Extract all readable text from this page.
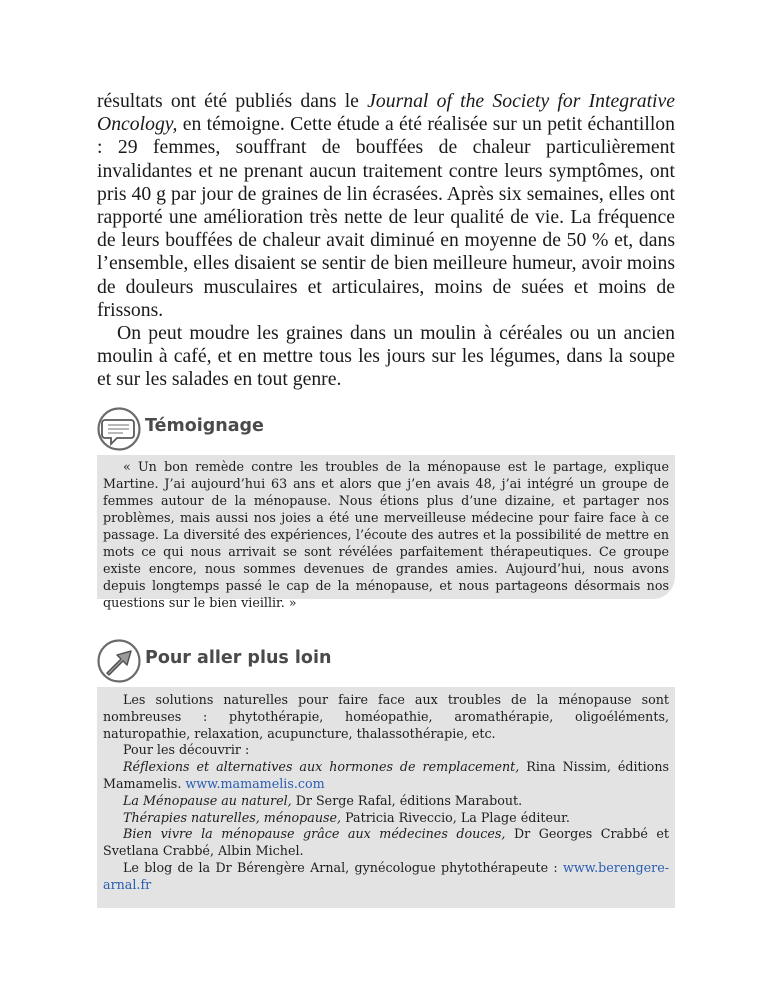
résultats ont été publiés dans le Journal of the Society for Integrative Oncology, en témoigne. Cette étude a été réalisée sur un petit échantillon : 29 femmes, souffrant de bouffées de chaleur particulièrement invalidantes et ne prenant aucun traitement contre leurs symptômes, ont pris 40 g par jour de graines de lin écrasées. Après six semaines, elles ont rapporté une amélioration très nette de leur qualité de vie. La fréquence de leurs bouffées de chaleur avait diminué en moyenne de 50 % et, dans l’ensemble, elles disaient se sentir de bien meilleure humeur, avoir moins de douleurs musculaires et articulaires, moins de suées et moins de frissons.

On peut moudre les graines dans un moulin à céréales ou un ancien moulin à café, et en mettre tous les jours sur les légumes, dans la soupe et sur les salades en tout genre.

Témoignage

« Un bon remède contre les troubles de la ménopause est le partage, explique Martine. J’ai aujourd’hui 63 ans et alors que j’en avais 48, j’ai intégré un groupe de femmes autour de la ménopause. Nous étions plus d’une dizaine, et partager nos problèmes, mais aussi nos joies a été une merveilleuse médecine pour faire face à ce passage. La diversité des expériences, l’écoute des autres et la possibilité de mettre en mots ce qui nous arrivait se sont révélées parfaitement thérapeutiques. Ce groupe existe encore, nous sommes devenues de grandes amies. Aujourd’hui, nous avons depuis longtemps passé le cap de la ménopause, et nous partageons désormais nos questions sur le bien vieillir. »

Pour aller plus loin

Les solutions naturelles pour faire face aux troubles de la ménopause sont nombreuses : phytothérapie, homéopathie, aromathérapie, oligoéléments, naturopathie, relaxation, acupuncture, thalassothérapie, etc.

Pour les découvrir :

Réflexions et alternatives aux hormones de remplacement, Rina Nissim, éditions Mamamelis. www.mamamelis.com

La Ménopause au naturel, Dr Serge Rafal, éditions Marabout.

Thérapies naturelles, ménopause, Patricia Riveccio, La Plage éditeur.

Bien vivre la ménopause grâce aux médecines douces, Dr Georges Crabbé et Svetlana Crabbé, Albin Michel.

Le blog de la Dr Bérengère Arnal, gynécologue phytothérapeute : www.berengere-arnal.fr
